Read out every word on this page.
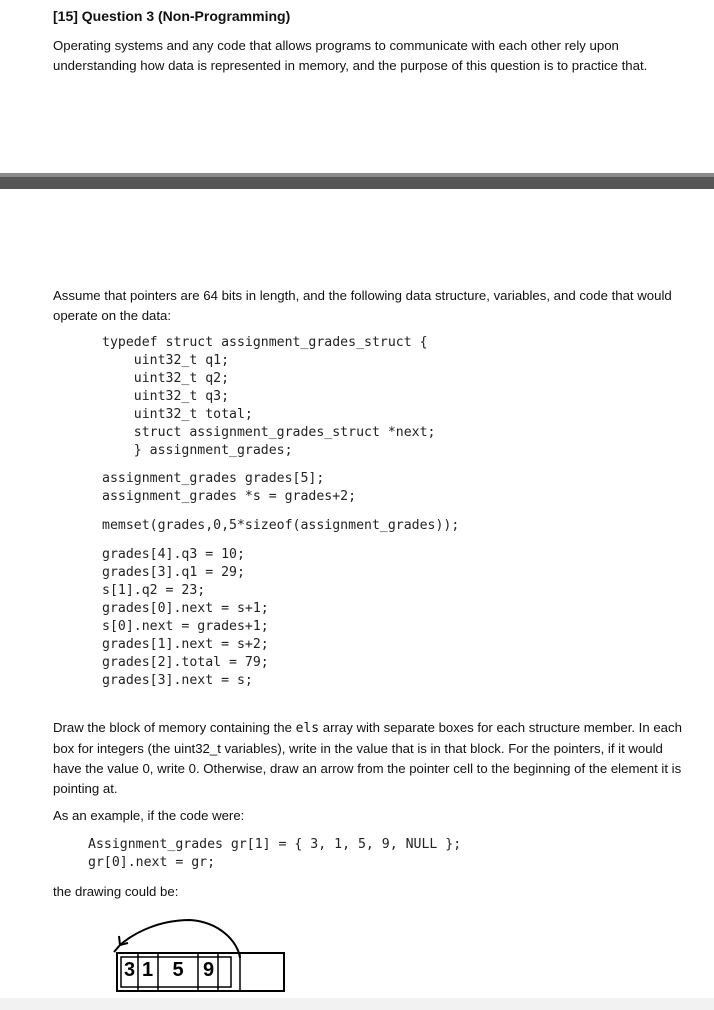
[15] Question 3 (Non-Programming)

Operating systems and any code that allows programs to communicate with each other rely upon understanding how data is represented in memory, and the purpose of this question is to practice that.

Assume that pointers are 64 bits in length, and the following data structure, variables, and code that would operate on the data:

typedef struct assignment_grades_struct {
uint32_t q1;
uint32_t q2;
uint32_t q3;
uint32_t total;
struct assignment_grades_struct *next;
} assignment_grades;
assignment_grades grades[5];
assignment_grades *s = grades+2;
memset(grades,0,5*sizeof(assignment_grades));
grades[4].q3 = 10;
grades[3].q1 = 29;
s[1].q2 = 23;
grades[0].next = s+1;
s[0].next = grades+1;
grades[1].next = s+2;
grades[2].total = 79;
grades[3].next = s;

Draw the block of memory containing the els array with separate boxes for each structure member. In each box for integers (the uint32_t variables), write in the value that is in that block. For the pointers, if it would have the value 0, write 0. Otherwise, draw an arrow from the pointer cell to the beginning of the element it is pointing at.

As an example, if the code were:

Assignment_grades gr[1] = { 3, 1, 5, 9, NULL };
gr[0].next = gr;

the drawing could be:

3 1 5 9
